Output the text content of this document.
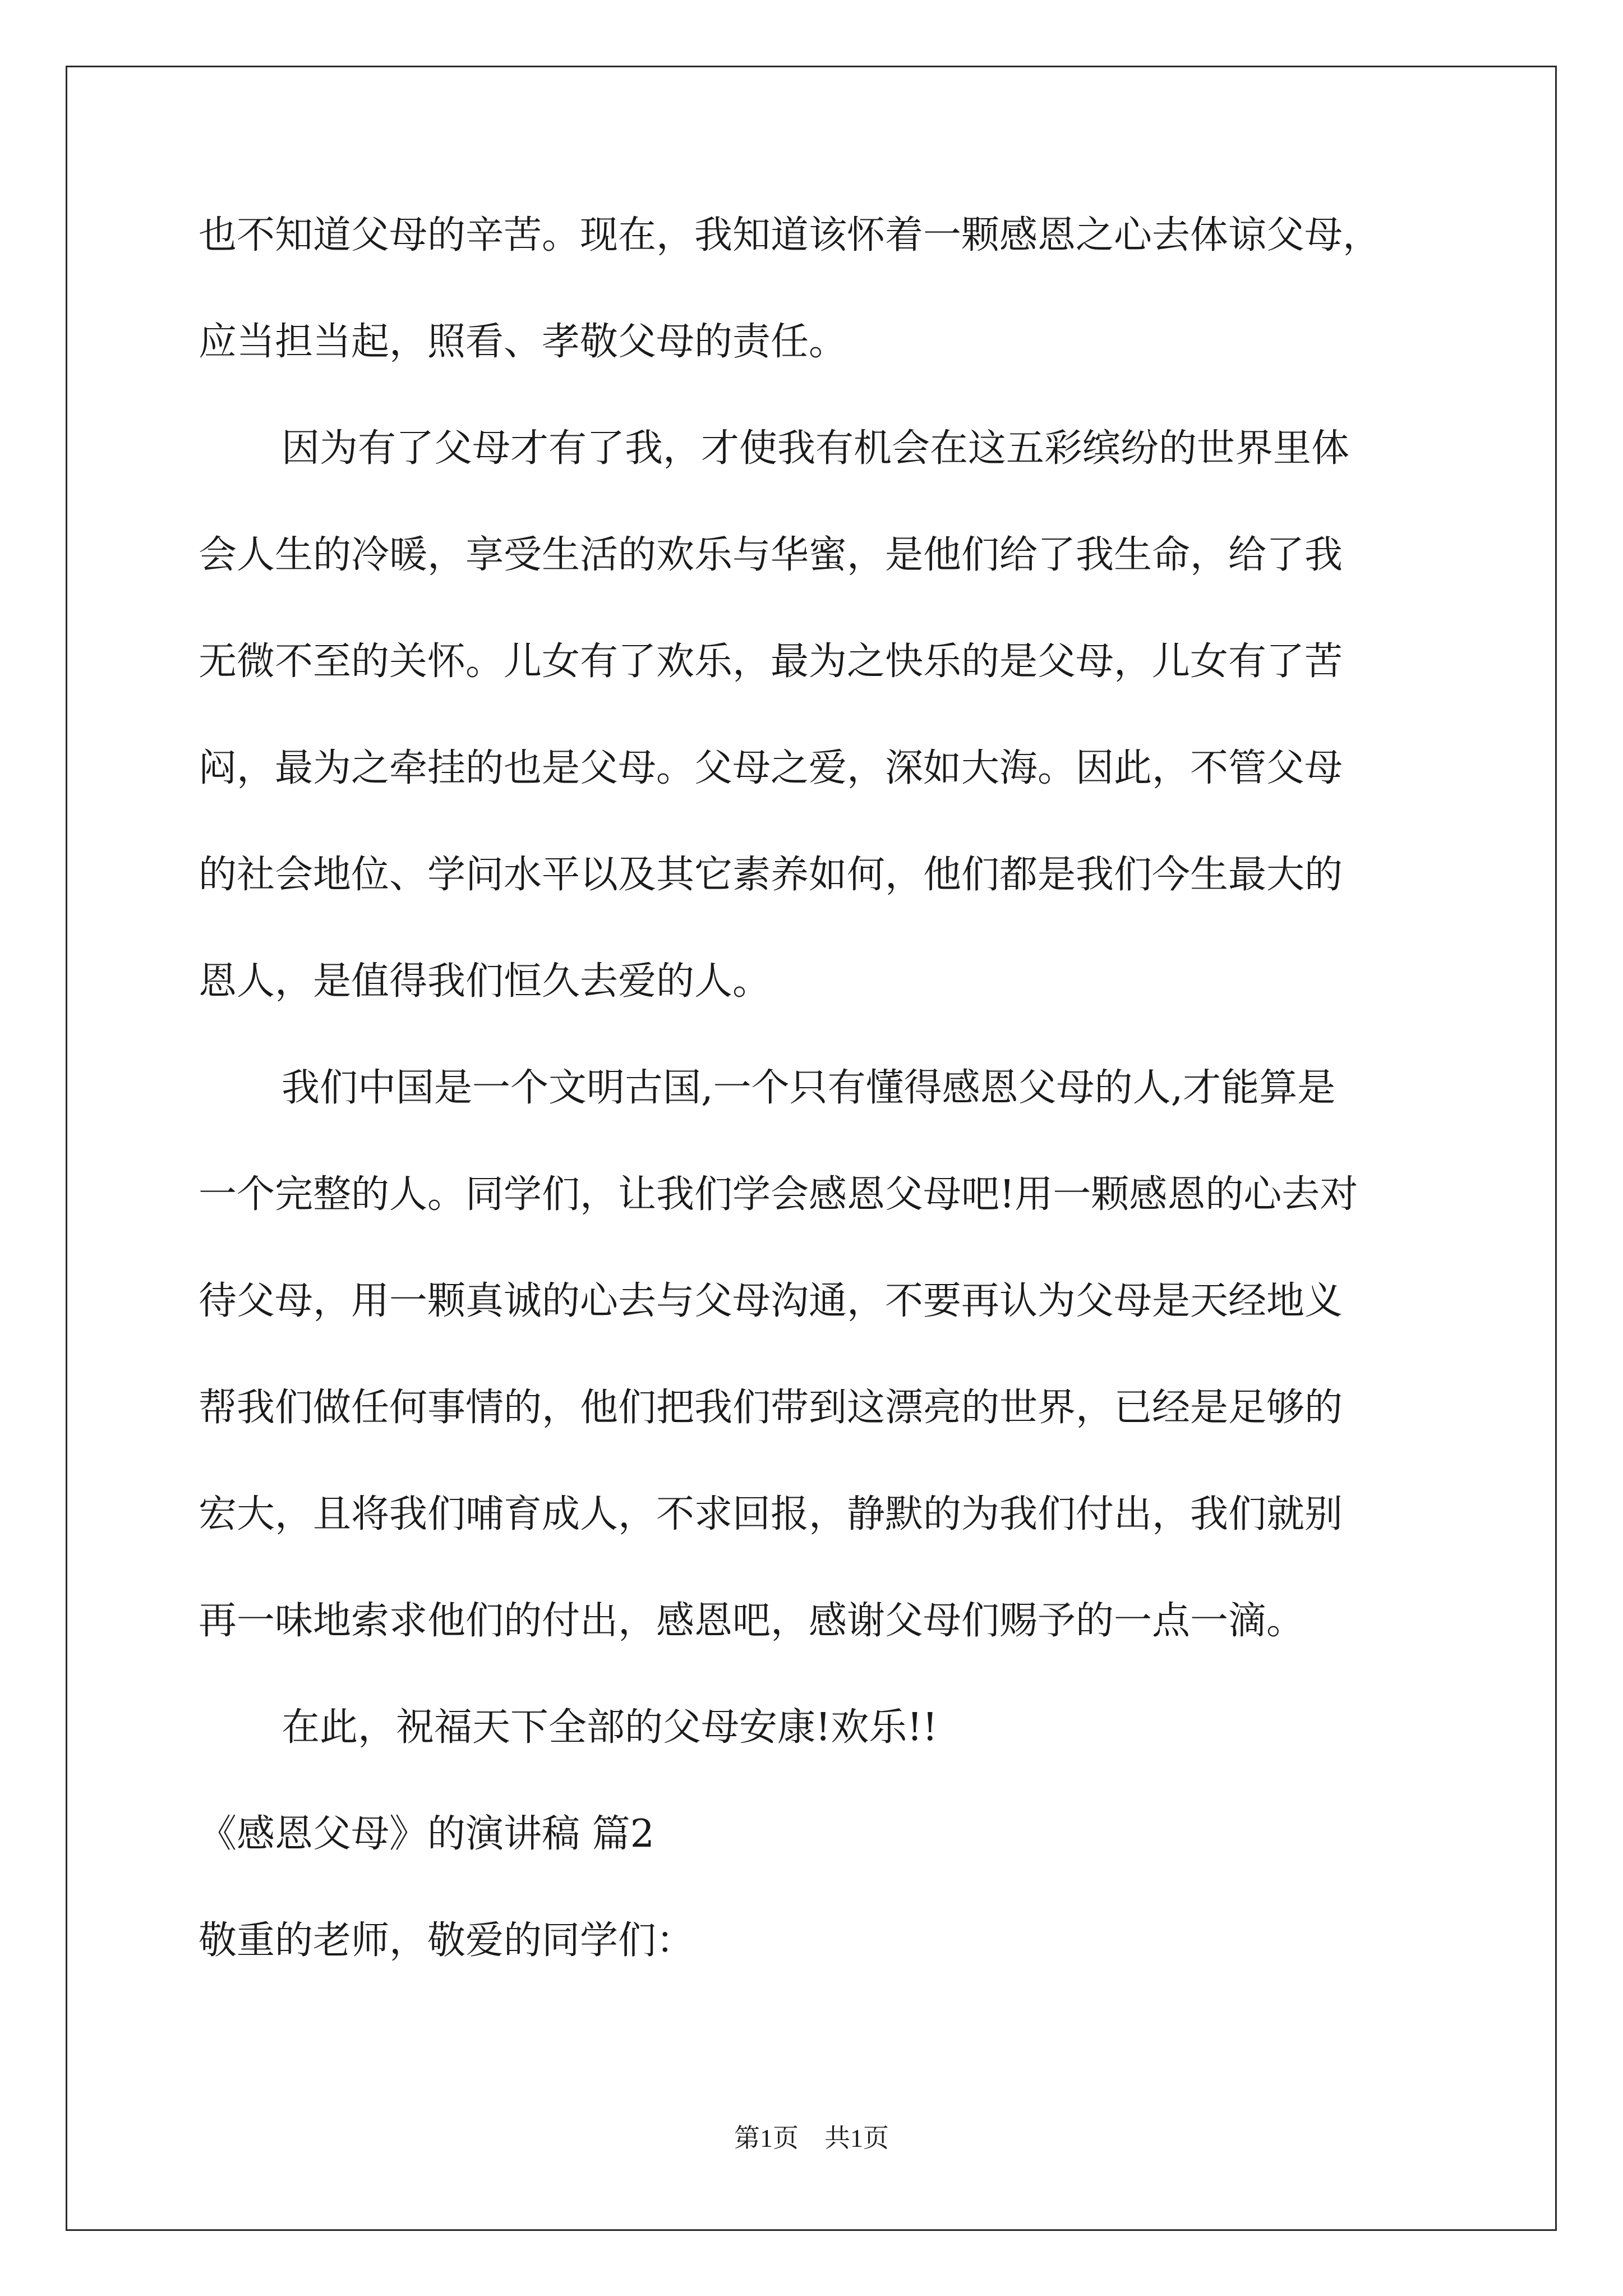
也不知道父母的辛苦。现在，我知道该怀着一颗感恩之心去体谅父母，
应当担当起，照看、孝敬父母的责任。
因为有了父母才有了我，才使我有机会在这五彩缤纷的世界里体
会人生的冷暖，享受生活的欢乐与华蜜，是他们给了我生命，给了我
无微不至的关怀。儿女有了欢乐，最为之快乐的是父母，儿女有了苦
闷，最为之牵挂的也是父母。父母之爱，深如大海。因此，不管父母
的社会地位、学问水平以及其它素养如何，他们都是我们今生最大的
恩人，是值得我们恒久去爱的人。
我们中国是一个文明古国,一个只有懂得感恩父母的人,才能算是
一个完整的人。同学们，让我们学会感恩父母吧!用一颗感恩的心去对
待父母，用一颗真诚的心去与父母沟通，不要再认为父母是天经地义
帮我们做任何事情的，他们把我们带到这漂亮的世界，已经是足够的
宏大，且将我们哺育成人，不求回报，静默的为我们付出，我们就别
再一味地索求他们的付出，感恩吧，感谢父母们赐予的一点一滴。
在此，祝福天下全部的父母安康!欢乐!!
《感恩父母》的演讲稿 篇2
敬重的老师，敬爱的同学们：
第1页　共1页
